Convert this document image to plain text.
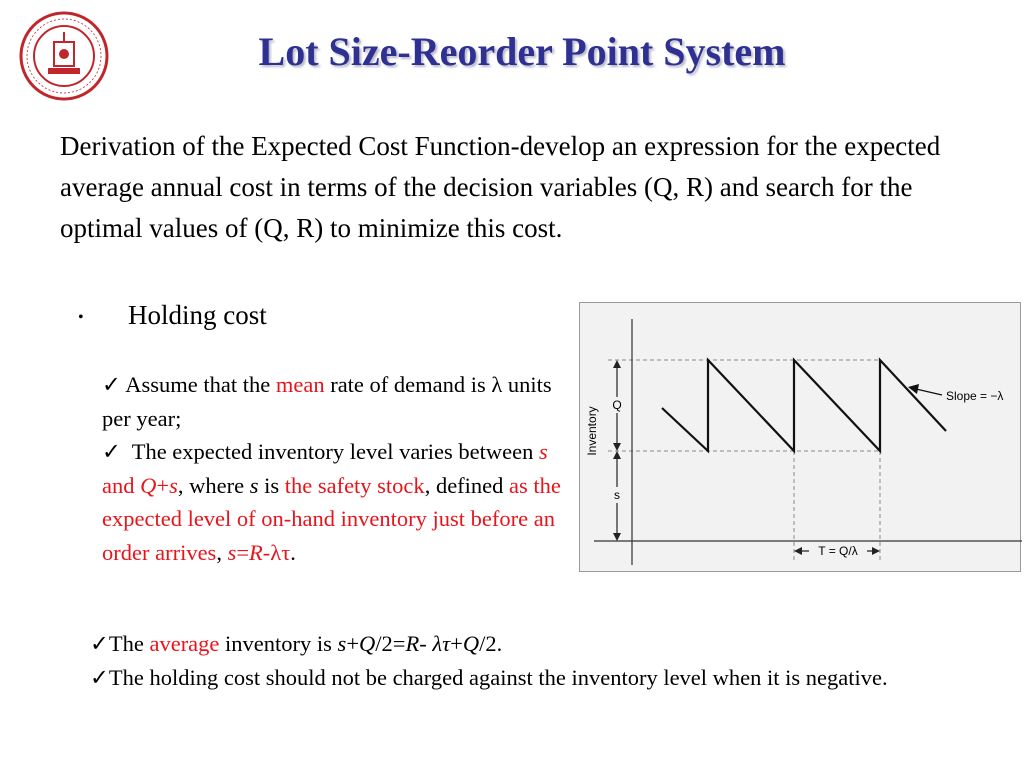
Lot Size-Reorder Point System
Derivation of the Expected Cost Function-develop an expression for the expected average annual cost in terms of the decision variables (Q, R) and search for the optimal values of (Q, R) to minimize this cost.
• Holding cost
✓ Assume that the mean rate of demand is λ units per year;
✓  The expected inventory level varies between s and Q+s, where s is the safety stock, defined as the expected level of on-hand inventory just before an order arrives, s=R-λτ.
Q
s
Inventory
Slope = −λ
T = Q/λ
✓The average inventory is s+Q/2=R- λτ+Q/2.
✓The holding cost should not be charged against the inventory level when it is negative.
